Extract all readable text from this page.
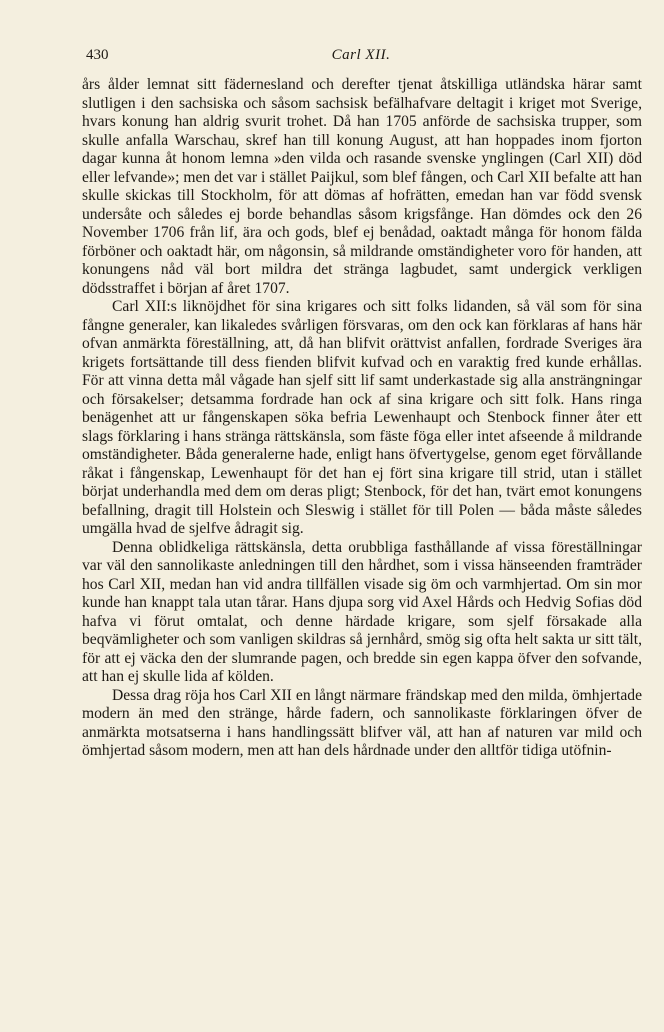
430	Carl XII.

års ålder lemnat sitt fädernesland och derefter tjenat åtskilliga utländska härar samt slutligen i den sachsiska och såsom sachsisk befälhafvare deltagit i kriget mot Sverige, hvars konung han aldrig svurit trohet. Då han 1705 anförde de sachsiska trupper, som skulle anfalla Warschau, skref han till konung August, att han hoppades inom fjorton dagar kunna åt honom lemna »den vilda och rasande svenske ynglingen (Carl XII) död eller lefvande»; men det var i stället Paijkul, som blef fången, och Carl XII befalte att han skulle skickas till Stockholm, för att dömas af hofrätten, emedan han var född svensk undersåte och således ej borde behandlas såsom krigsfånge. Han dömdes ock den 26 November 1706 från lif, ära och gods, blef ej benådad, oaktadt många för honom fälda förböner och oaktadt här, om någonsin, så mildrande omständigheter voro för handen, att konungens nåd väl bort mildra det stränga lagbudet, samt undergick verkligen dödsstraffet i början af året 1707.

Carl XII:s liknöjdhet för sina krigares och sitt folks lidanden, så väl som för sina fångne generaler, kan likaledes svårligen försvaras, om den ock kan förklaras af hans här ofvan anmärkta föreställning, att, då han blifvit orättvist anfallen, fordrade Sveriges ära krigets fortsättande till dess fienden blifvit kufvad och en varaktig fred kunde erhållas. För att vinna detta mål vågade han sjelf sitt lif samt underkastade sig alla ansträngningar och försakelser; detsamma fordrade han ock af sina krigare och sitt folk. Hans ringa benägenhet att ur fångenskapen söka befria Lewenhaupt och Stenbock finner åter ett slags förklaring i hans stränga rättskänsla, som fäste föga eller intet afseende å mildrande omständigheter. Båda generalerne hade, enligt hans öfvertygelse, genom eget förvållande råkat i fångenskap, Lewenhaupt för det han ej fört sina krigare till strid, utan i stället börjat underhandla med dem om deras pligt; Stenbock, för det han, tvärt emot konungens befallning, dragit till Holstein och Sleswig i stället för till Polen — båda måste således umgälla hvad de sjelfve ådragit sig.

Denna oblidkeliga rättskänsla, detta orubbliga fasthållande af vissa föreställningar var väl den sannolikaste anledningen till den hårdhet, som i vissa hänseenden framträder hos Carl XII, medan han vid andra tillfällen visade sig öm och varmhjertad. Om sin mor kunde han knappt tala utan tårar. Hans djupa sorg vid Axel Hårds och Hedvig Sofias död hafva vi förut omtalat, och denne härdade krigare, som sjelf försakade alla beqvämligheter och som vanligen skildras så jernhård, smög sig ofta helt sakta ur sitt tält, för att ej väcka den der slumrande pagen, och bredde sin egen kappa öfver den sofvande, att han ej skulle lida af kölden.

Dessa drag röja hos Carl XII en långt närmare frändskap med den milda, ömhjertade modern än med den stränge, hårde fadern, och sannolikaste förklaringen öfver de anmärkta motsatserna i hans handlingssätt blifver väl, att han af naturen var mild och ömhjertad såsom modern, men att han dels hårdnade under den alltför tidiga utöfnin-
